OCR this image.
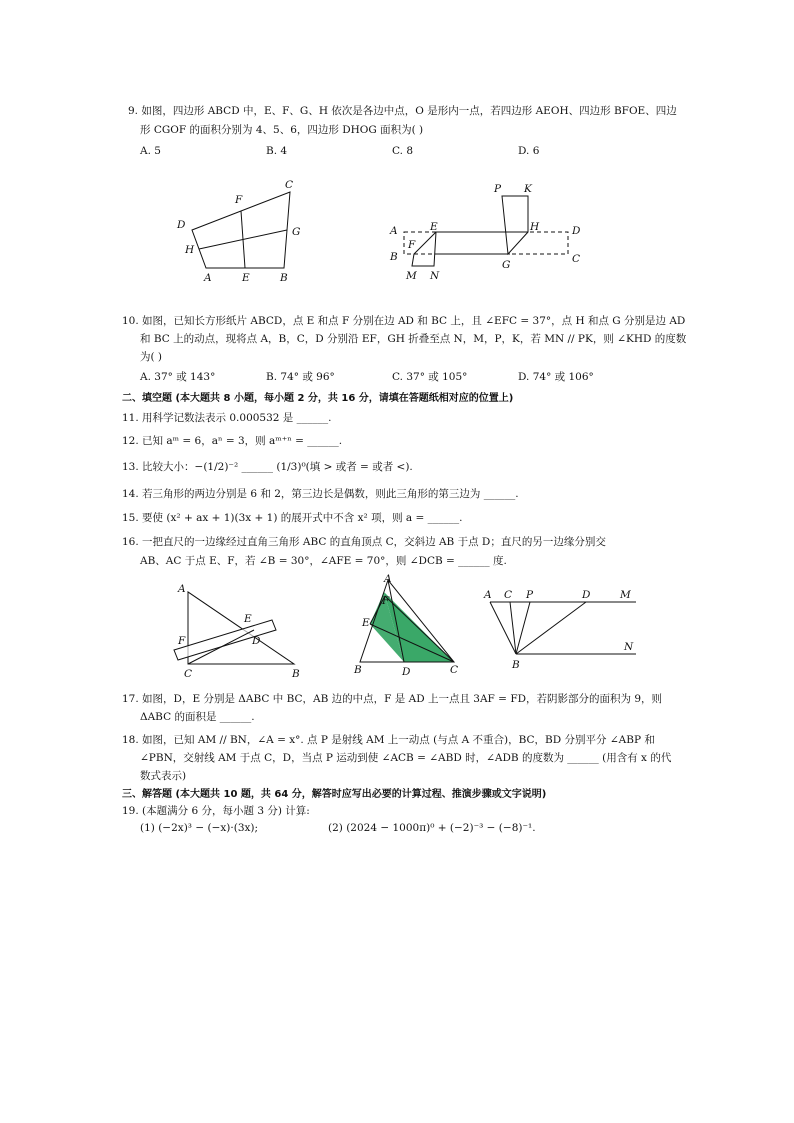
9. 如图，四边形 ABCD 中，E、F、G、H 依次是各边中点，O 是形内一点，若四边形 AEOH、四边形 BFOE、四边
形 CGOF 的面积分别为 4、5、6，四边形 DHOG 面积为( )
A. 5	B. 4	C. 8	D. 6
C
F
D
G
H
A	E	B
P K
A	E	H	D
F
B
G	C
M N
10. 如图，已知长方形纸片 ABCD，点 E 和点 F 分别在边 AD 和 BC 上，且 ∠EFC = 37°，点 H 和点 G 分别是边 AD
和 BC 上的动点，现将点 A，B，C，D 分别沿 EF，GH 折叠至点 N，M，P，K，若 MN // PK，则 ∠KHD 的度数
为( )
A. 37° 或 143°	B. 74° 或 96°	C. 37° 或 105°	D. 74° 或 106°
二、填空题 (本大题共 8 小题，每小题 2 分，共 16 分，请填在答题纸相对应的位置上)
11. 用科学记数法表示 0.000532 是 ______.
12. 已知 aᵐ = 6，aⁿ = 3，则 aᵐ⁺ⁿ = ______.
13. 比较大小：−(1/2)⁻² ______ (1/3)⁰(填 > 或者 = 或者 <).
14. 若三角形的两边分别是 6 和 2，第三边长是偶数，则此三角形的第三边为 ______.
15. 要使 (x² + ax + 1)(3x + 1) 的展开式中不含 x² 项，则 a = ______.
16. 一把直尺的一边缘经过直角三角形 ABC 的直角顶点 C，交斜边 AB 于点 D；直尺的另一边缘分别交
AB、AC 于点 E、F，若 ∠B = 30°，∠AFE = 70°，则 ∠DCB = ______ 度.
A
E
F	D
C	B
A
F
E
B	D	C
A C P	D	M
N
B
17. 如图，D，E 分别是 ΔABC 中 BC，AB 边的中点，F 是 AD 上一点且 3AF = FD，若阴影部分的面积为 9，则
ΔABC 的面积是 ______.
18. 如图，已知 AM // BN，∠A = x°. 点 P 是射线 AM 上一动点 (与点 A 不重合)，BC，BD 分别平分 ∠ABP 和
∠PBN，交射线 AM 于点 C，D，当点 P 运动到使 ∠ACB = ∠ABD 时，∠ADB 的度数为 ______ (用含有 x 的代
数式表示)
三、解答题 (本大题共 10 题，共 64 分，解答时应写出必要的计算过程、推演步骤或文字说明)
19. (本题满分 6 分，每小题 3 分) 计算:
(1) (−2x)³ − (−x)·(3x);	(2) (2024 − 1000π)⁰ + (−2)⁻³ − (−8)⁻¹.
